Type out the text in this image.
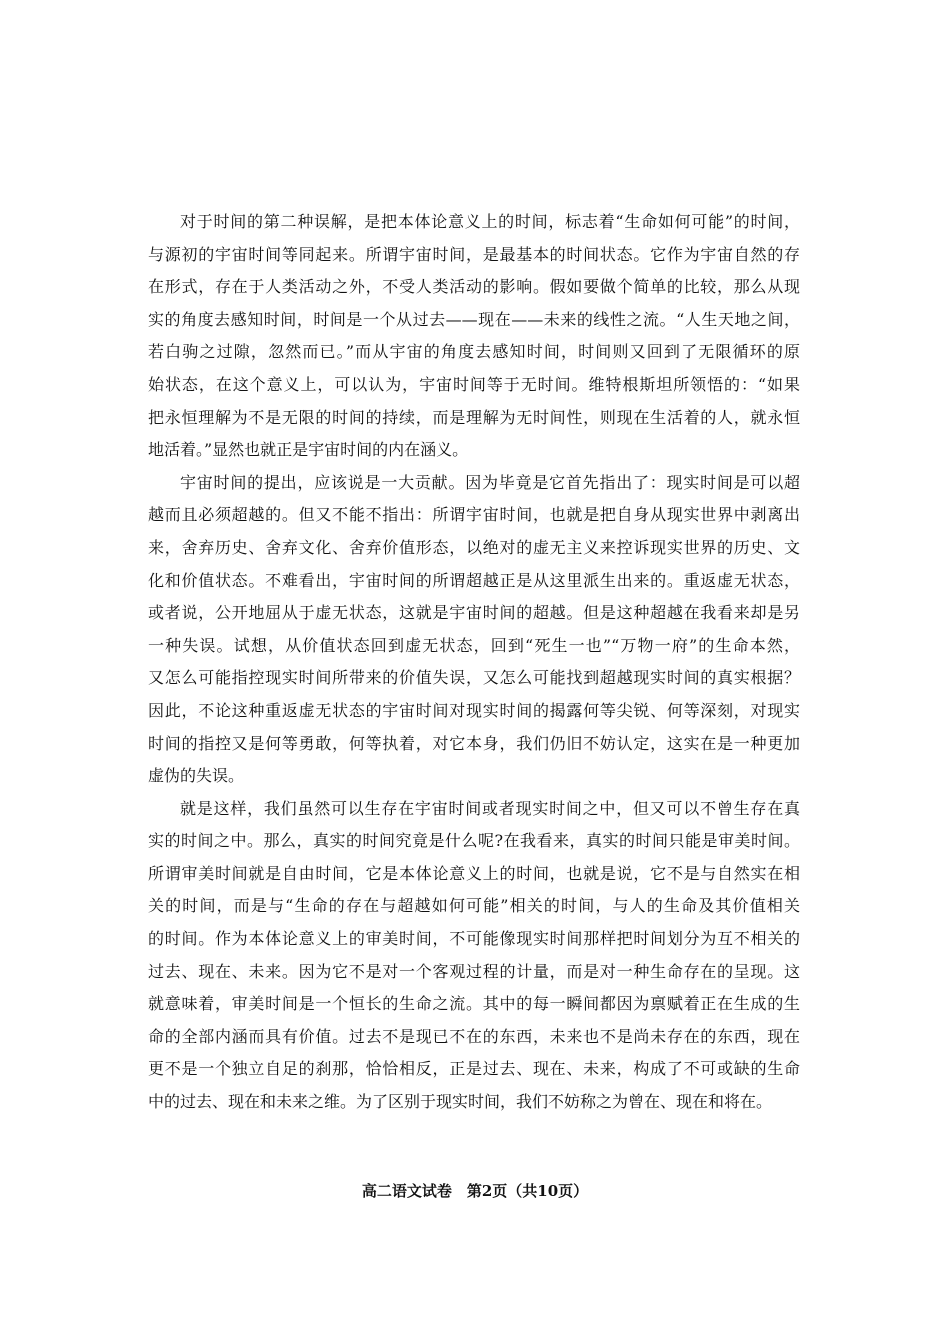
对于时间的第二种误解，是把本体论意义上的时间，标志着“生命如何可能”的时间，
与源初的宇宙时间等同起来。所谓宇宙时间，是最基本的时间状态。它作为宇宙自然的存
在形式，存在于人类活动之外，不受人类活动的影响。假如要做个简单的比较，那么从现
实的角度去感知时间，时间是一个从过去——现在——未来的线性之流。“人生天地之间，
若白驹之过隙，忽然而已。”而从宇宙的角度去感知时间，时间则又回到了无限循环的原
始状态，在这个意义上，可以认为，宇宙时间等于无时间。维特根斯坦所领悟的：“如果
把永恒理解为不是无限的时间的持续，而是理解为无时间性，则现在生活着的人，就永恒
地活着。”显然也就正是宇宙时间的内在涵义。
宇宙时间的提出，应该说是一大贡献。因为毕竟是它首先指出了：现实时间是可以超
越而且必须超越的。但又不能不指出：所谓宇宙时间，也就是把自身从现实世界中剥离出
来，舍弃历史、舍弃文化、舍弃价值形态，以绝对的虚无主义来控诉现实世界的历史、文
化和价值状态。不难看出，宇宙时间的所谓超越正是从这里派生出来的。重返虚无状态，
或者说，公开地屈从于虚无状态，这就是宇宙时间的超越。但是这种超越在我看来却是另
一种失误。试想，从价值状态回到虚无状态，回到“死生一也”“万物一府”的生命本然，
又怎么可能指控现实时间所带来的价值失误，又怎么可能找到超越现实时间的真实根据？
因此，不论这种重返虚无状态的宇宙时间对现实时间的揭露何等尖锐、何等深刻，对现实
时间的指控又是何等勇敢，何等执着，对它本身，我们仍旧不妨认定，这实在是一种更加
虚伪的失误。
就是这样，我们虽然可以生存在宇宙时间或者现实时间之中，但又可以不曾生存在真
实的时间之中。那么，真实的时间究竟是什么呢?在我看来，真实的时间只能是审美时间。
所谓审美时间就是自由时间，它是本体论意义上的时间，也就是说，它不是与自然实在相
关的时间，而是与“生命的存在与超越如何可能”相关的时间，与人的生命及其价值相关
的时间。作为本体论意义上的审美时间，不可能像现实时间那样把时间划分为互不相关的
过去、现在、未来。因为它不是对一个客观过程的计量，而是对一种生命存在的呈现。这
就意味着，审美时间是一个恒长的生命之流。其中的每一瞬间都因为禀赋着正在生成的生
命的全部内涵而具有价值。过去不是现已不在的东西，未来也不是尚未存在的东西，现在
更不是一个独立自足的刹那，恰恰相反，正是过去、现在、未来，构成了不可或缺的生命
中的过去、现在和未来之维。为了区别于现实时间，我们不妨称之为曾在、现在和将在。
高二语文试卷　第2页（共10页）
